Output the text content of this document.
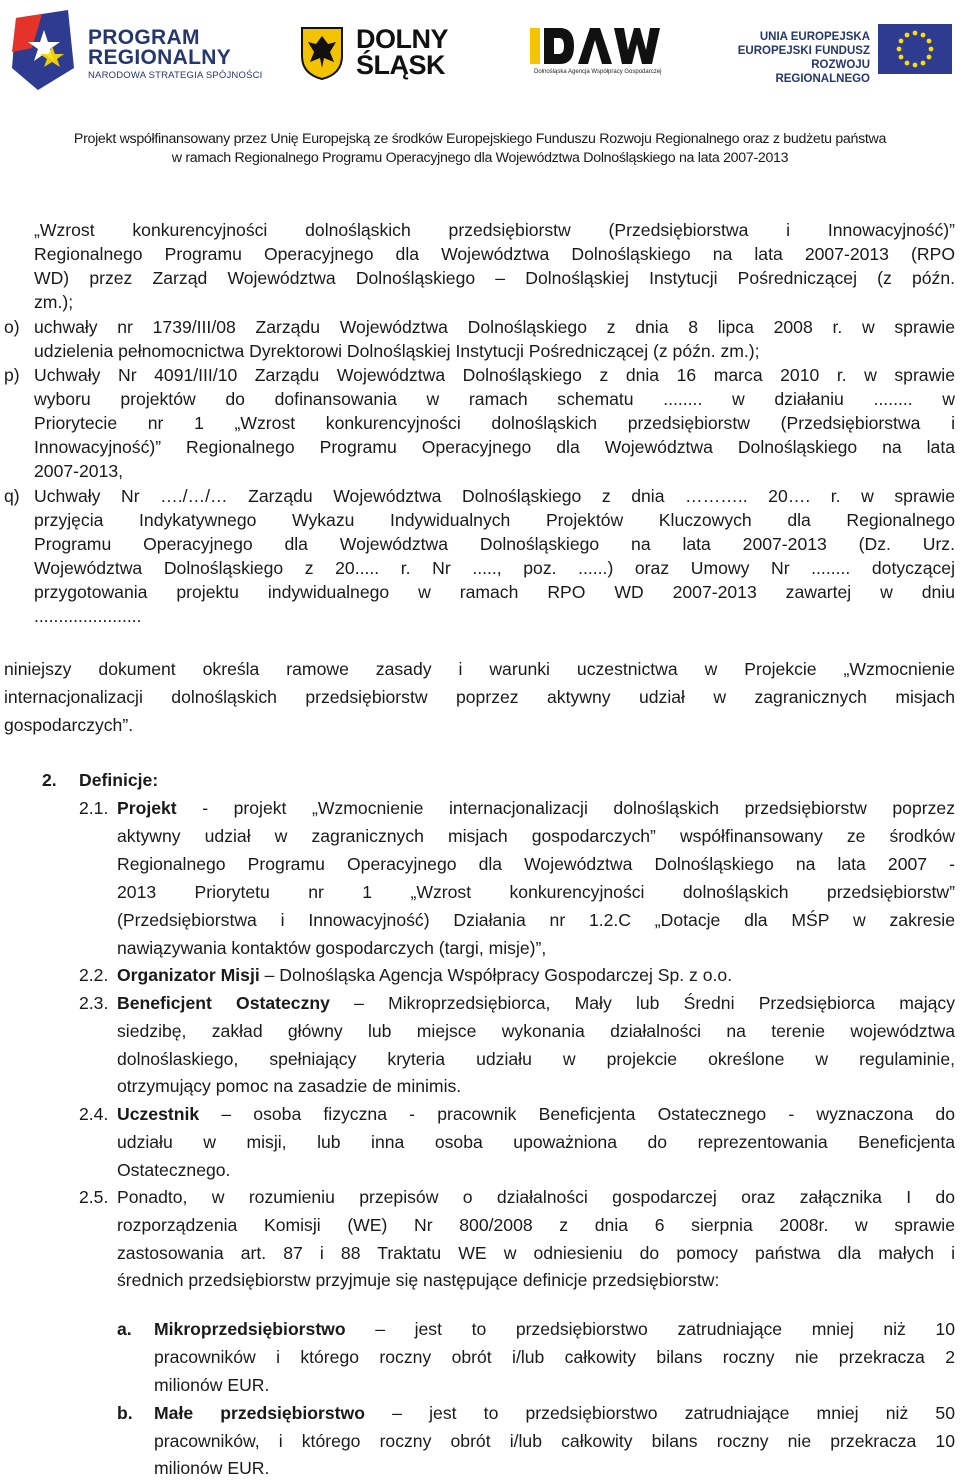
PROGRAM
REGIONALNY
NARODOWA STRATEGIA SPÓJNOŚCI
DOLNY
ŚLĄSK	Dolnośląska Agencja Współpracy Gospodarczej
UNIA EUROPEJSKA
EUROPEJSKI FUNDUSZ
ROZWOJU REGIONALNEGO
Projekt współfinansowany przez Unię Europejską ze środków Europejskiego Funduszu Rozwoju Regionalnego oraz z budżetu państwa
w ramach Regionalnego Programu Operacyjnego dla Województwa Dolnośląskiego na lata 2007-2013
„Wzrost konkurencyjności dolnośląskich przedsiębiorstw (Przedsiębiorstwa i Innowacyjność)”
Regionalnego Programu Operacyjnego dla Województwa Dolnośląskiego na lata 2007-2013 (RPO
WD) przez Zarząd Województwa Dolnośląskiego – Dolnośląskiej Instytucji Pośredniczącej (z późn.
zm.);
o) uchwały nr 1739/III/08 Zarządu Województwa Dolnośląskiego z dnia 8 lipca 2008 r. w sprawie
udzielenia pełnomocnictwa Dyrektorowi Dolnośląskiej Instytucji Pośredniczącej (z późn. zm.);
p) Uchwały Nr 4091/III/10 Zarządu Województwa Dolnośląskiego z dnia 16 marca 2010 r. w sprawie
wyboru projektów do dofinansowania w ramach schematu ........ w działaniu ........ w
Priorytecie nr 1 „Wzrost konkurencyjności dolnośląskich przedsiębiorstw (Przedsiębiorstwa i
Innowacyjność)” Regionalnego Programu Operacyjnego dla Województwa Dolnośląskiego na lata
2007-2013,
q) Uchwały Nr …./…/… Zarządu Województwa Dolnośląskiego z dnia ……….. 20…. r. w sprawie
przyjęcia Indykatywnego Wykazu Indywidualnych Projektów Kluczowych dla Regionalnego
Programu Operacyjnego dla Województwa Dolnośląskiego na lata 2007-2013 (Dz. Urz.
Województwa Dolnośląskiego z 20..... r. Nr ....., poz. ......) oraz Umowy Nr ........ dotyczącej
przygotowania projektu indywidualnego w ramach RPO WD 2007-2013 zawartej w dniu
......................
niniejszy dokument określa ramowe zasady i warunki uczestnictwa w Projekcie „Wzmocnienie
internacjonalizacji dolnośląskich przedsiębiorstw poprzez aktywny udział w zagranicznych misjach
gospodarczych”.
2. Definicje:
2.1. Projekt - projekt „Wzmocnienie internacjonalizacji dolnośląskich przedsiębiorstw poprzez
aktywny udział w zagranicznych misjach gospodarczych” współfinansowany ze środków
Regionalnego Programu Operacyjnego dla Województwa Dolnośląskiego na lata 2007 -
2013 Priorytetu nr 1 „Wzrost konkurencyjności dolnośląskich przedsiębiorstw”
(Przedsiębiorstwa i Innowacyjność) Działania nr 1.2.C „Dotacje dla MŚP w zakresie
nawiązywania kontaktów gospodarczych (targi, misje)”,
2.2. Organizator Misji – Dolnośląska Agencja Współpracy Gospodarczej Sp. z o.o.
2.3. Beneficjent Ostateczny – Mikroprzedsiębiorca, Mały lub Średni Przedsiębiorca mający
siedzibę, zakład główny lub miejsce wykonania działalności na terenie województwa
dolnoślaskiego, spełniający kryteria udziału w projekcie określone w regulaminie,
otrzymujący pomoc na zasadzie de minimis.
2.4. Uczestnik – osoba fizyczna - pracownik Beneficjenta Ostatecznego - wyznaczona do
udziału w misji, lub inna osoba upoważniona do reprezentowania Beneficjenta
Ostatecznego.
2.5. Ponadto, w rozumieniu przepisów o działalności gospodarczej oraz załącznika I do
rozporządzenia Komisji (WE) Nr 800/2008 z dnia 6 sierpnia 2008r. w sprawie
zastosowania art. 87 i 88 Traktatu WE w odniesieniu do pomocy państwa dla małych i
średnich przedsiębiorstw przyjmuje się następujące definicje przedsiębiorstw:
a. Mikroprzedsiębiorstwo – jest to przedsiębiorstwo zatrudniające mniej niż 10
pracowników i którego roczny obrót i/lub całkowity bilans roczny nie przekracza 2
milionów EUR.
b. Małe przedsiębiorstwo – jest to przedsiębiorstwo zatrudniające mniej niż 50
pracowników, i którego roczny obrót i/lub całkowity bilans roczny nie przekracza 10
milionów EUR.
